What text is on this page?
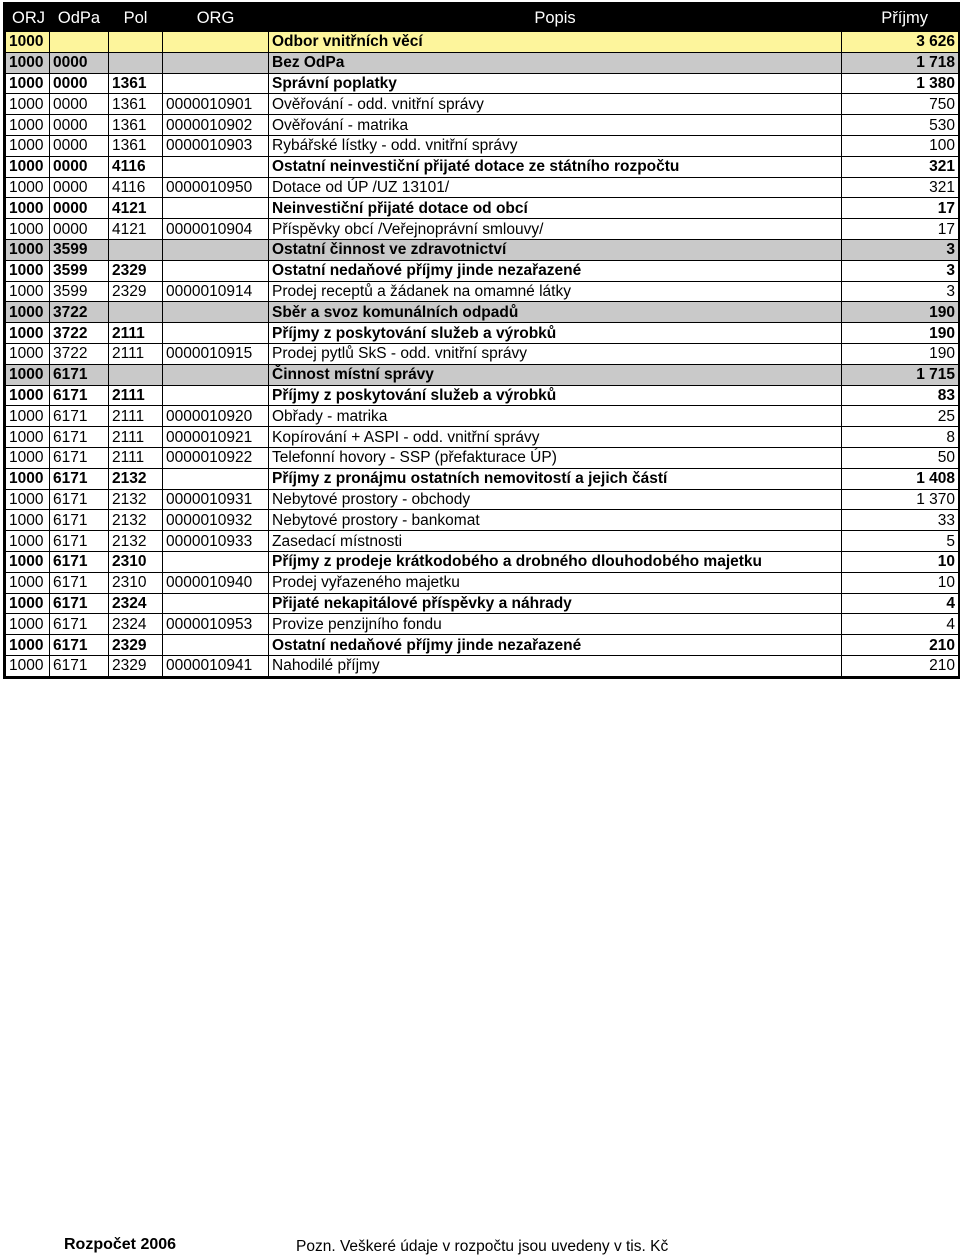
ORJ	OdPa	Pol	ORG	Popis	Příjmy
1000				Odbor vnitřních věcí	3 626
1000	0000			Bez OdPa	1 718
1000	0000	1361		Správní poplatky	1 380
1000	0000	1361	0000010901	Ověřování - odd. vnitřní správy	750
1000	0000	1361	0000010902	Ověřování - matrika	530
1000	0000	1361	0000010903	Rybářské lístky - odd. vnitřní správy	100
1000	0000	4116		Ostatní neinvestiční přijaté dotace ze státního rozpočtu	321
1000	0000	4116	0000010950	Dotace od ÚP /UZ 13101/	321
1000	0000	4121		Neinvestiční přijaté dotace od obcí	17
1000	0000	4121	0000010904	Příspěvky obcí /Veřejnoprávní smlouvy/	17
1000	3599			Ostatní činnost ve zdravotnictví	3
1000	3599	2329		Ostatní nedaňové příjmy jinde nezařazené	3
1000	3599	2329	0000010914	Prodej receptů a žádanek na omamné látky	3
1000	3722			Sběr a svoz komunálních odpadů	190
1000	3722	2111		Příjmy z poskytování služeb a výrobků	190
1000	3722	2111	0000010915	Prodej pytlů SkS - odd. vnitřní správy	190
1000	6171			Činnost místní správy	1 715
1000	6171	2111		Příjmy z poskytování služeb a výrobků	83
1000	6171	2111	0000010920	Obřady - matrika	25
1000	6171	2111	0000010921	Kopírování + ASPI - odd. vnitřní správy	8
1000	6171	2111	0000010922	Telefonní hovory - SSP (přefakturace ÚP)	50
1000	6171	2132		Příjmy z pronájmu ostatních nemovitostí a jejich částí	1 408
1000	6171	2132	0000010931	Nebytové prostory - obchody	1 370
1000	6171	2132	0000010932	Nebytové prostory - bankomat	33
1000	6171	2132	0000010933	Zasedací místnosti	5
1000	6171	2310		Příjmy z prodeje krátkodobého a drobného dlouhodobého majetku	10
1000	6171	2310	0000010940	Prodej vyřazeného majetku	10
1000	6171	2324		Přijaté nekapitálové příspěvky a náhrady	4
1000	6171	2324	0000010953	Provize penzijního fondu	4
1000	6171	2329		Ostatní nedaňové příjmy jinde nezařazené	210
1000	6171	2329	0000010941	Nahodilé příjmy	210
Rozpočet 2006	Pozn. Veškeré údaje v rozpočtu jsou uvedeny v tis. Kč
